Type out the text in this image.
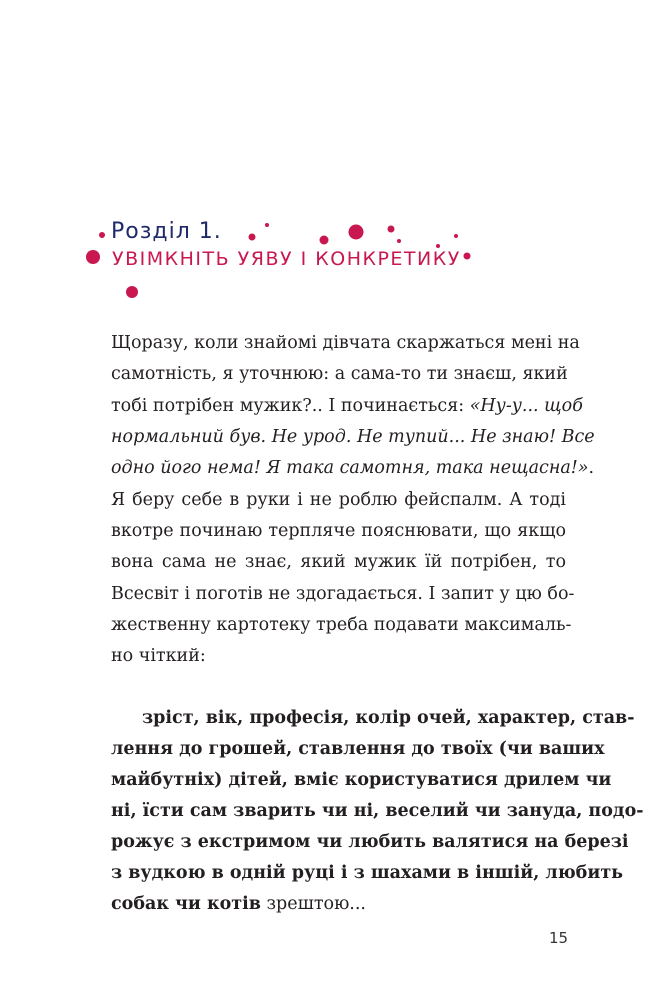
Розділ 1.
УВІМКНІТЬ УЯВУ І КОНКРЕТИКУ
Щоразу, коли знайомі дівчата скаржаться мені на
самотність, я уточнюю: а сама-то ти знаєш, який
тобі потрібен мужик?.. І починається: «Ну-у... щоб
нормальний був. Не урод. Не тупий... Не знаю! Все
одно його нема! Я така самотня, така нещасна!».
Я беру себе в руки і не роблю фейспалм. А тоді
вкотре починаю терпляче пояснювати, що якщо
вона сама не знає, який мужик їй потрібен, то
Всесвіт і поготів не здогадається. І запит у цю бо-
жественну картотеку треба подавати максималь-
но чіткий:
зріст, вік, професія, колір очей, характер, став-
лення до грошей, ставлення до твоїх (чи ваших
майбутніх) дітей, вміє користуватися дрилем чи
ні, їсти сам зварить чи ні, веселий чи зануда, подо-
рожує з екстримом чи любить валятися на березі
з вудкою в одній руці і з шахами в іншій, любить
собак чи котів зрештою...
15
